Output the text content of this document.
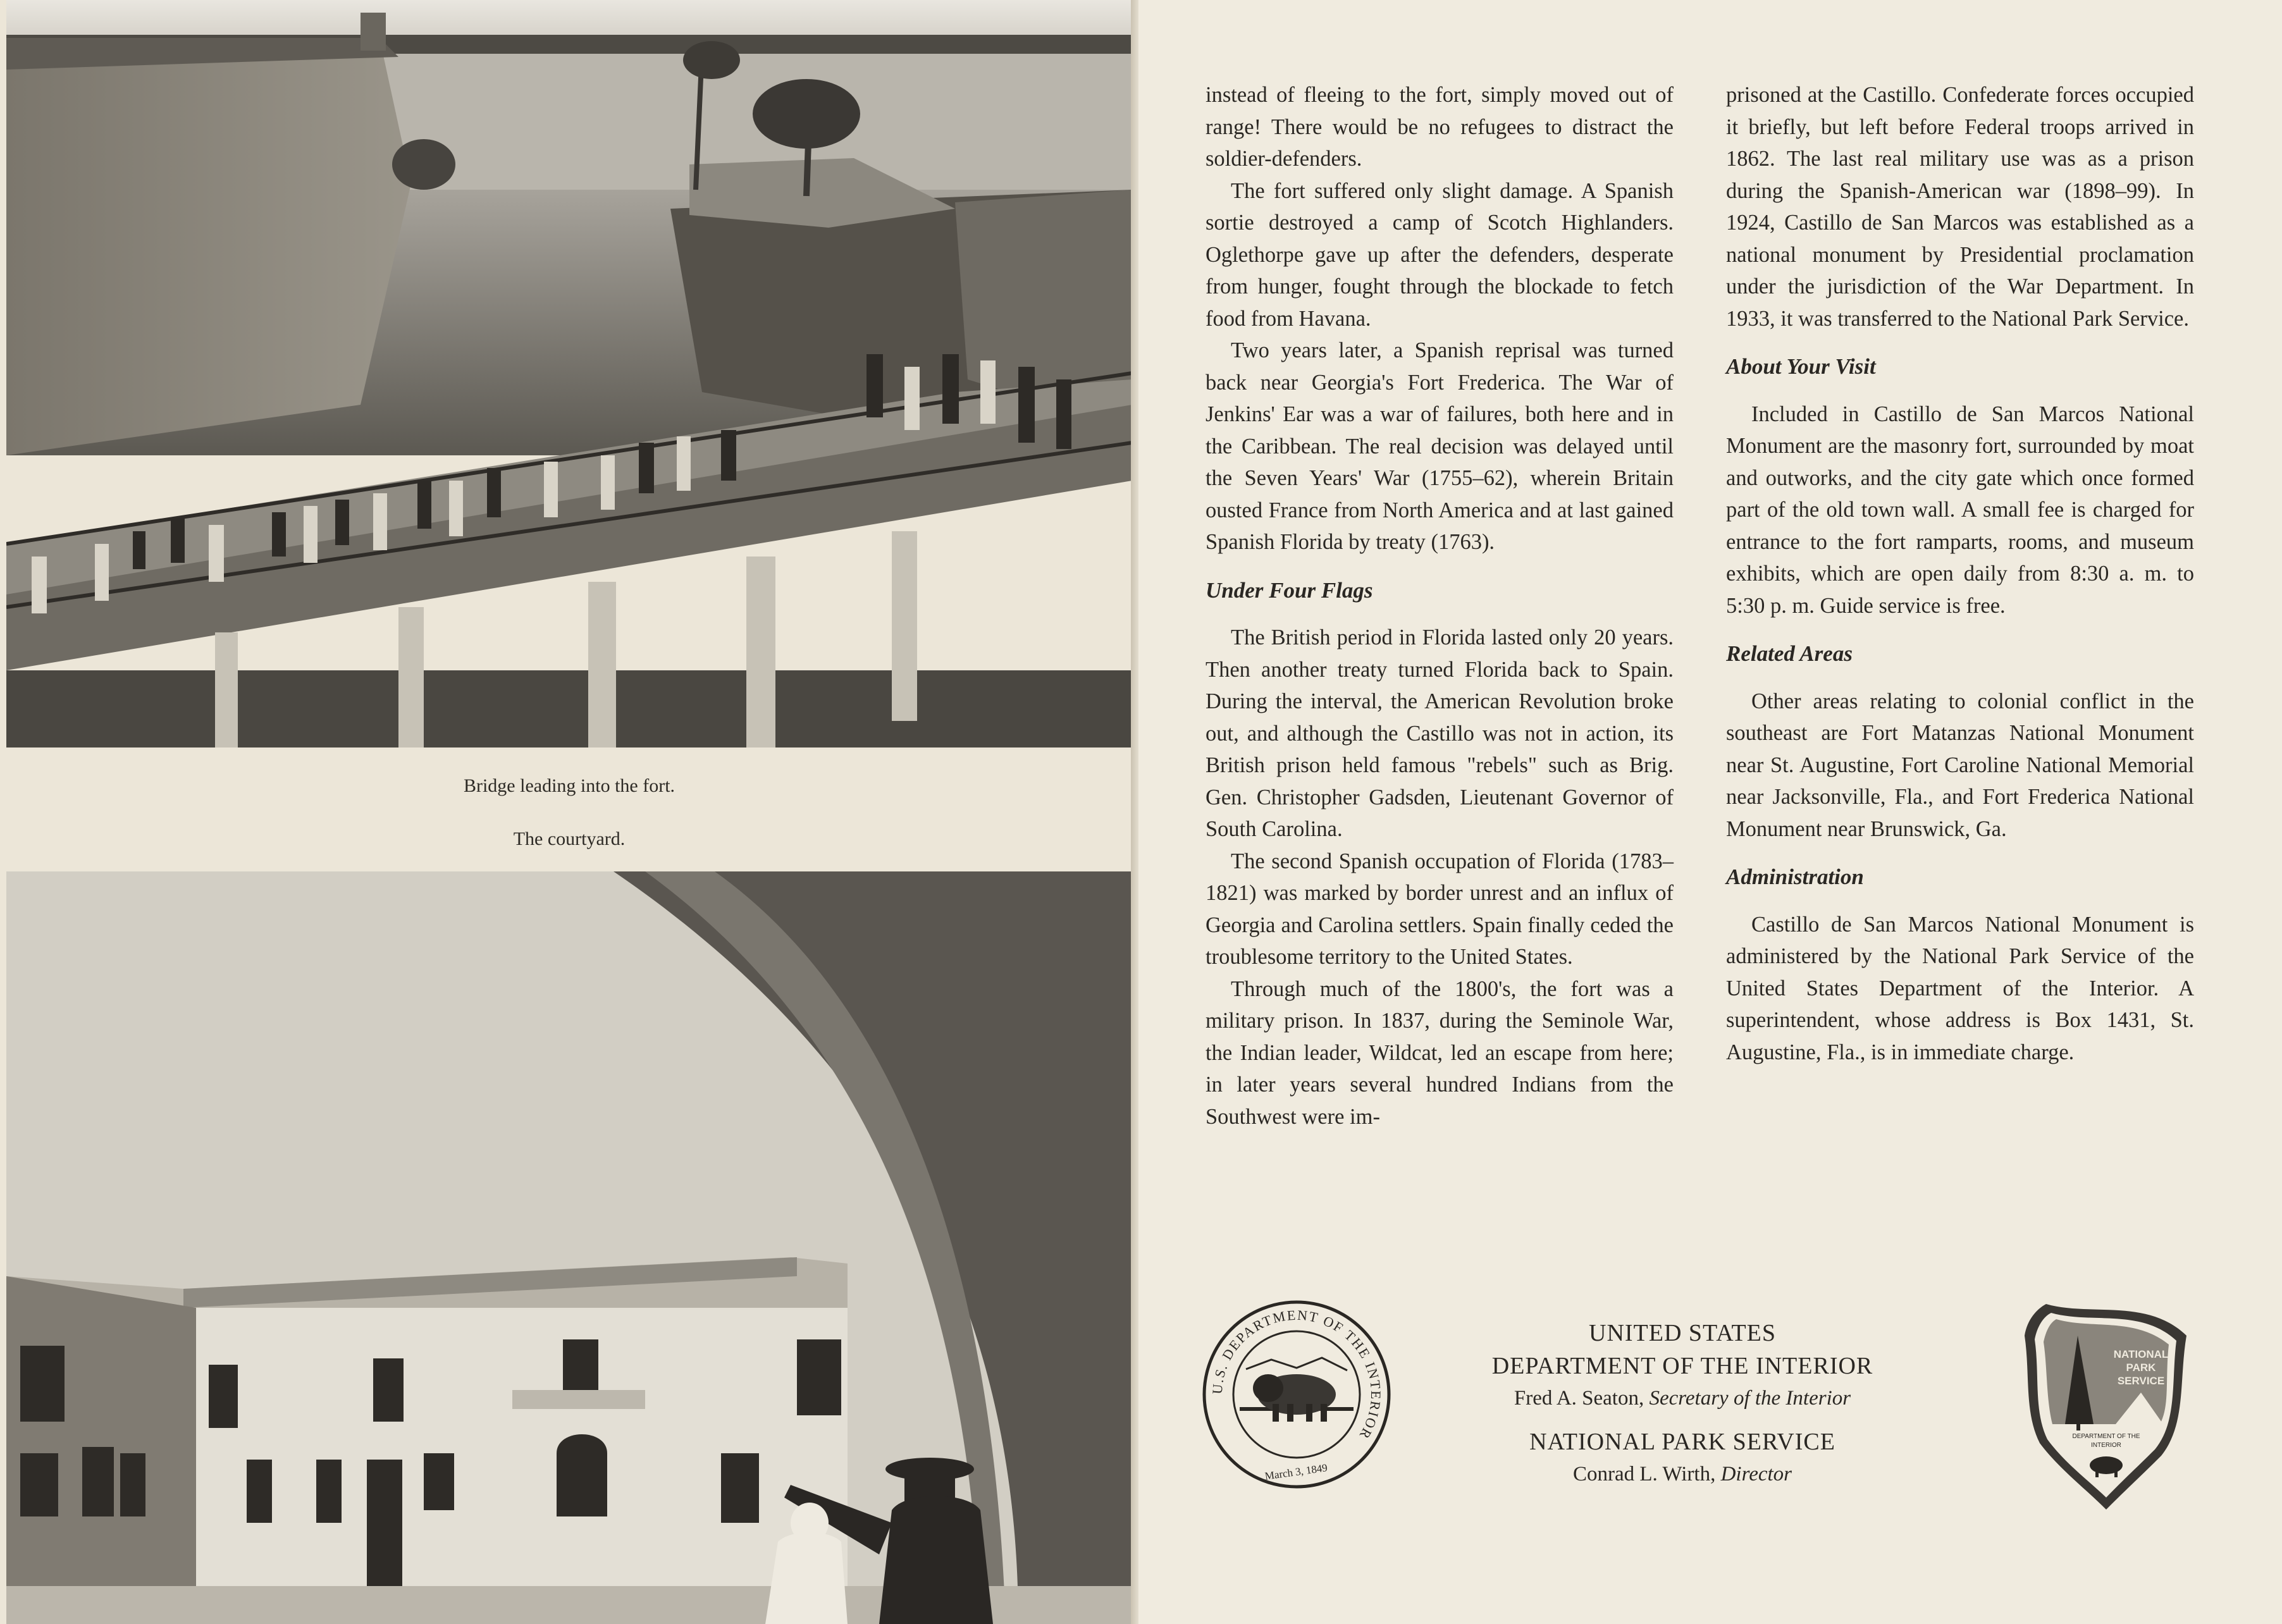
Bridge leading into the fort.
The courtyard.

instead of fleeing to the fort, simply moved out of range! There would be no refugees to distract the soldier-defenders.

The fort suffered only slight damage. A Spanish sortie destroyed a camp of Scotch Highlanders. Oglethorpe gave up after the defenders, desperate from hunger, fought through the blockade to fetch food from Havana.

Two years later, a Spanish reprisal was turned back near Georgia's Fort Frederica. The War of Jenkins' Ear was a war of failures, both here and in the Caribbean. The real decision was delayed until the Seven Years' War (1755–62), wherein Britain ousted France from North America and at last gained Spanish Florida by treaty (1763).

Under Four Flags

The British period in Florida lasted only 20 years. Then another treaty turned Florida back to Spain. During the interval, the American Revolution broke out, and although the Castillo was not in action, its British prison held famous "rebels" such as Brig. Gen. Christopher Gadsden, Lieutenant Governor of South Carolina.

The second Spanish occupation of Florida (1783–1821) was marked by border unrest and an influx of Georgia and Carolina settlers. Spain finally ceded the troublesome territory to the United States.

Through much of the 1800's, the fort was a military prison. In 1837, during the Seminole War, the Indian leader, Wildcat, led an escape from here; in later years several hundred Indians from the Southwest were im-

prisoned at the Castillo. Confederate forces occupied it briefly, but left before Federal troops arrived in 1862. The last real military use was as a prison during the Spanish-American war (1898–99). In 1924, Castillo de San Marcos was established as a national monument by Presidential proclamation under the jurisdiction of the War Department. In 1933, it was transferred to the National Park Service.

About Your Visit

Included in Castillo de San Marcos National Monument are the masonry fort, surrounded by moat and outworks, and the city gate which once formed part of the old town wall. A small fee is charged for entrance to the fort ramparts, rooms, and museum exhibits, which are open daily from 8:30 a. m. to 5:30 p. m. Guide service is free.

Related Areas

Other areas relating to colonial conflict in the southeast are Fort Matanzas National Monument near St. Augustine, Fort Caroline National Memorial near Jacksonville, Fla., and Fort Frederica National Monument near Brunswick, Ga.

Administration

Castillo de San Marcos National Monument is administered by the National Park Service of the United States Department of the Interior. A superintendent, whose address is Box 1431, St. Augustine, Fla., is in immediate charge.

U.S. DEPARTMENT OF THE INTERIOR
March 3, 1849
UNITED STATES
DEPARTMENT OF THE INTERIOR
Fred A. Seaton, Secretary of the Interior
NATIONAL PARK SERVICE
Conrad L. Wirth, Director
NATIONAL
PARK
SERVICE
DEPARTMENT OF THE
INTERIOR
